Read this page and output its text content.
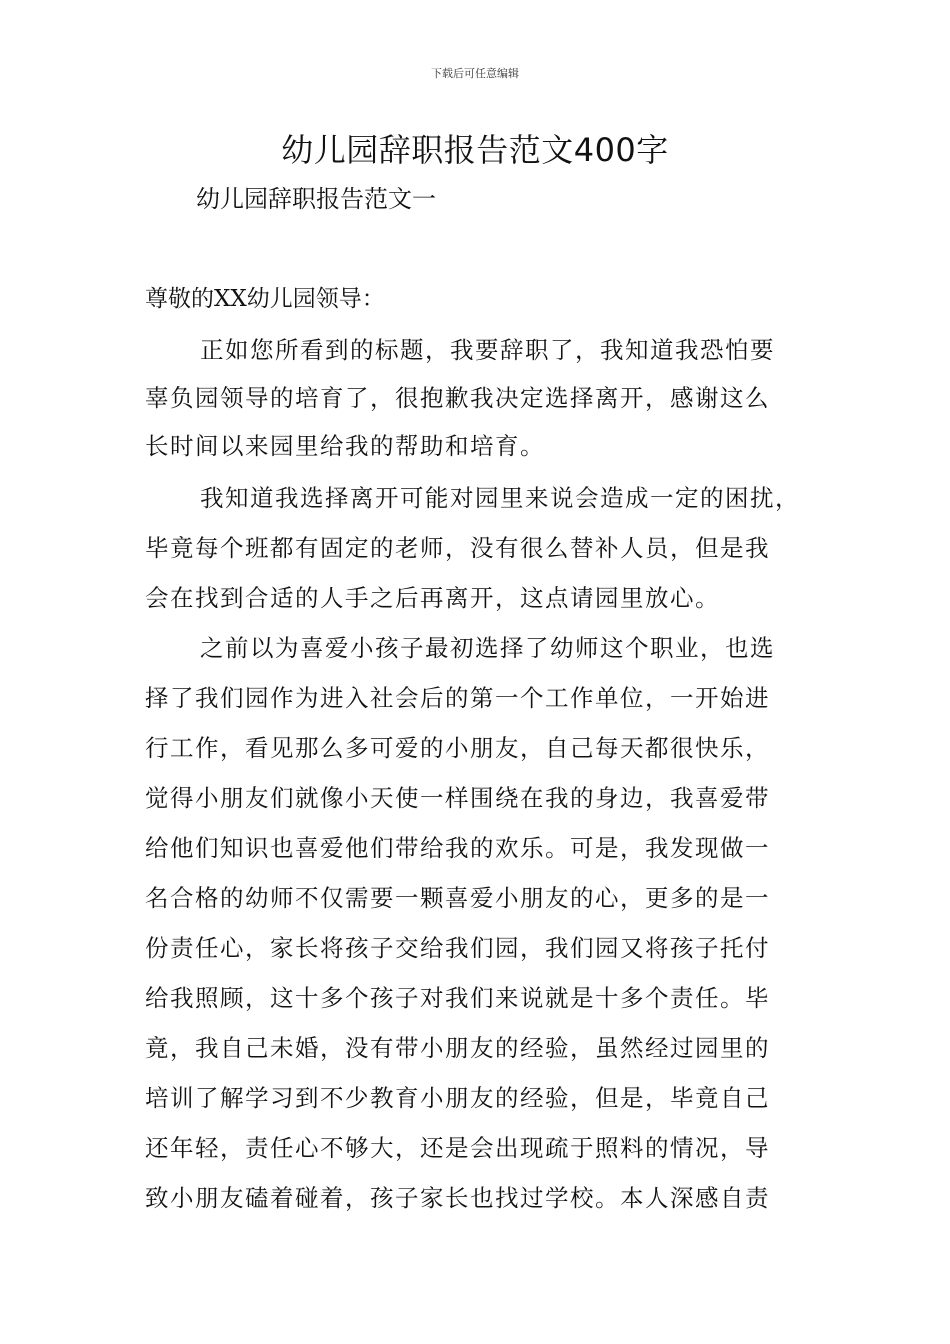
下载后可任意编辑
幼儿园辞职报告范文400字
幼儿园辞职报告范文一

尊敬的XX幼儿园领导：

正如您所看到的标题，我要辞职了，我知道我恐怕要

辜负园领导的培育了，很抱歉我决定选择离开，感谢这么

长时间以来园里给我的帮助和培育。

我知道我选择离开可能对园里来说会造成一定的困扰，

毕竟每个班都有固定的老师，没有很么替补人员，但是我

会在找到合适的人手之后再离开，这点请园里放心。

之前以为喜爱小孩子最初选择了幼师这个职业，也选

择了我们园作为进入社会后的第一个工作单位，一开始进

行工作，看见那么多可爱的小朋友，自己每天都很快乐，

觉得小朋友们就像小天使一样围绕在我的身边，我喜爱带

给他们知识也喜爱他们带给我的欢乐。可是，我发现做一

名合格的幼师不仅需要一颗喜爱小朋友的心，更多的是一

份责任心，家长将孩子交给我们园，我们园又将孩子托付

给我照顾，这十多个孩子对我们来说就是十多个责任。毕

竟，我自己未婚，没有带小朋友的经验，虽然经过园里的

培训了解学习到不少教育小朋友的经验，但是，毕竟自己

还年轻，责任心不够大，还是会出现疏于照料的情况，导

致小朋友磕着碰着，孩子家长也找过学校。本人深感自责
